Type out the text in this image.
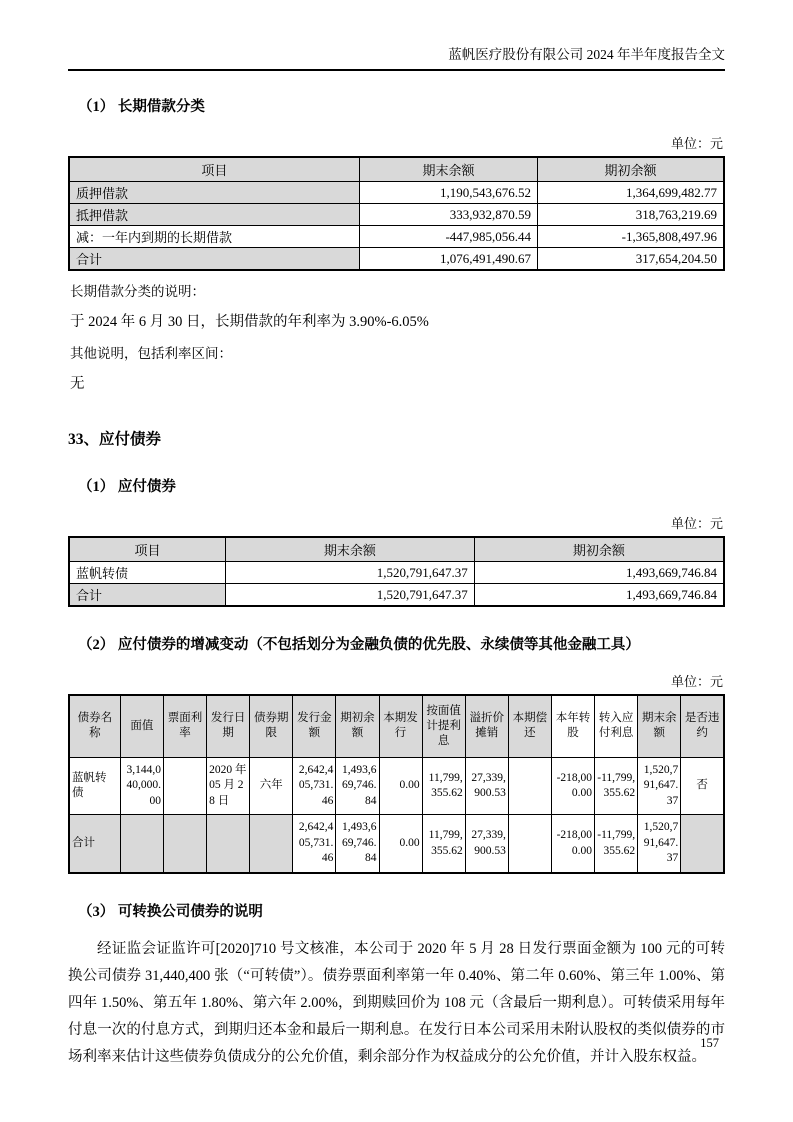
蓝帆医疗股份有限公司 2024 年半年度报告全文
（1） 长期借款分类
单位：元
项目	期末余额	期初余额
质押借款	1,190,543,676.52	1,364,699,482.77
抵押借款	333,932,870.59	318,763,219.69
减：一年内到期的长期借款	-447,985,056.44	-1,365,808,497.96
合计	1,076,491,490.67	317,654,204.50
长期借款分类的说明：
于 2024 年 6 月 30 日，长期借款的年利率为 3.90%-6.05%
其他说明，包括利率区间：
无
33、应付债券
（1） 应付债券
单位：元
项目	期末余额	期初余额
蓝帆转债	1,520,791,647.37	1,493,669,746.84
合计	1,520,791,647.37	1,493,669,746.84
（2） 应付债券的增减变动（不包括划分为金融负债的优先股、永续债等其他金融工具）
单位：元
债券名称	面值	票面利率	发行日期	债券期限	发行金额	期初余额	本期发行	按面值计提利息	溢折价摊销	本期偿还	本年转股	转入应付利息	期末余额	是否违约
蓝帆转债	3,144,040,000.00		2020 年 05 月 28 日	六年	2,642,405,731.46	1,493,669,746.84	0.00	11,799,355.62	27,339,900.53		-218,000.00	-11,799,355.62	1,520,791,647.37	否
合计					2,642,405,731.46	1,493,669,746.84	0.00	11,799,355.62	27,339,900.53		-218,000.00	-11,799,355.62	1,520,791,647.37	
（3） 可转换公司债券的说明

经证监会证监许可[2020]710 号文核准，本公司于 2020 年 5 月 28 日发行票面金额为 100 元的可转换公司债券 31,440,400 张（“可转债”）。债券票面利率第一年 0.40%、第二年 0.60%、第三年 1.00%、第四年 1.50%、第五年 1.80%、第六年 2.00%，到期赎回价为 108 元（含最后一期利息）。可转债采用每年付息一次的付息方式，到期归还本金和最后一期利息。在发行日本公司采用未附认股权的类似债券的市场利率来估计这些债券负债成分的公允价值，剩余部分作为权益成分的公允价值，并计入股东权益。

157
